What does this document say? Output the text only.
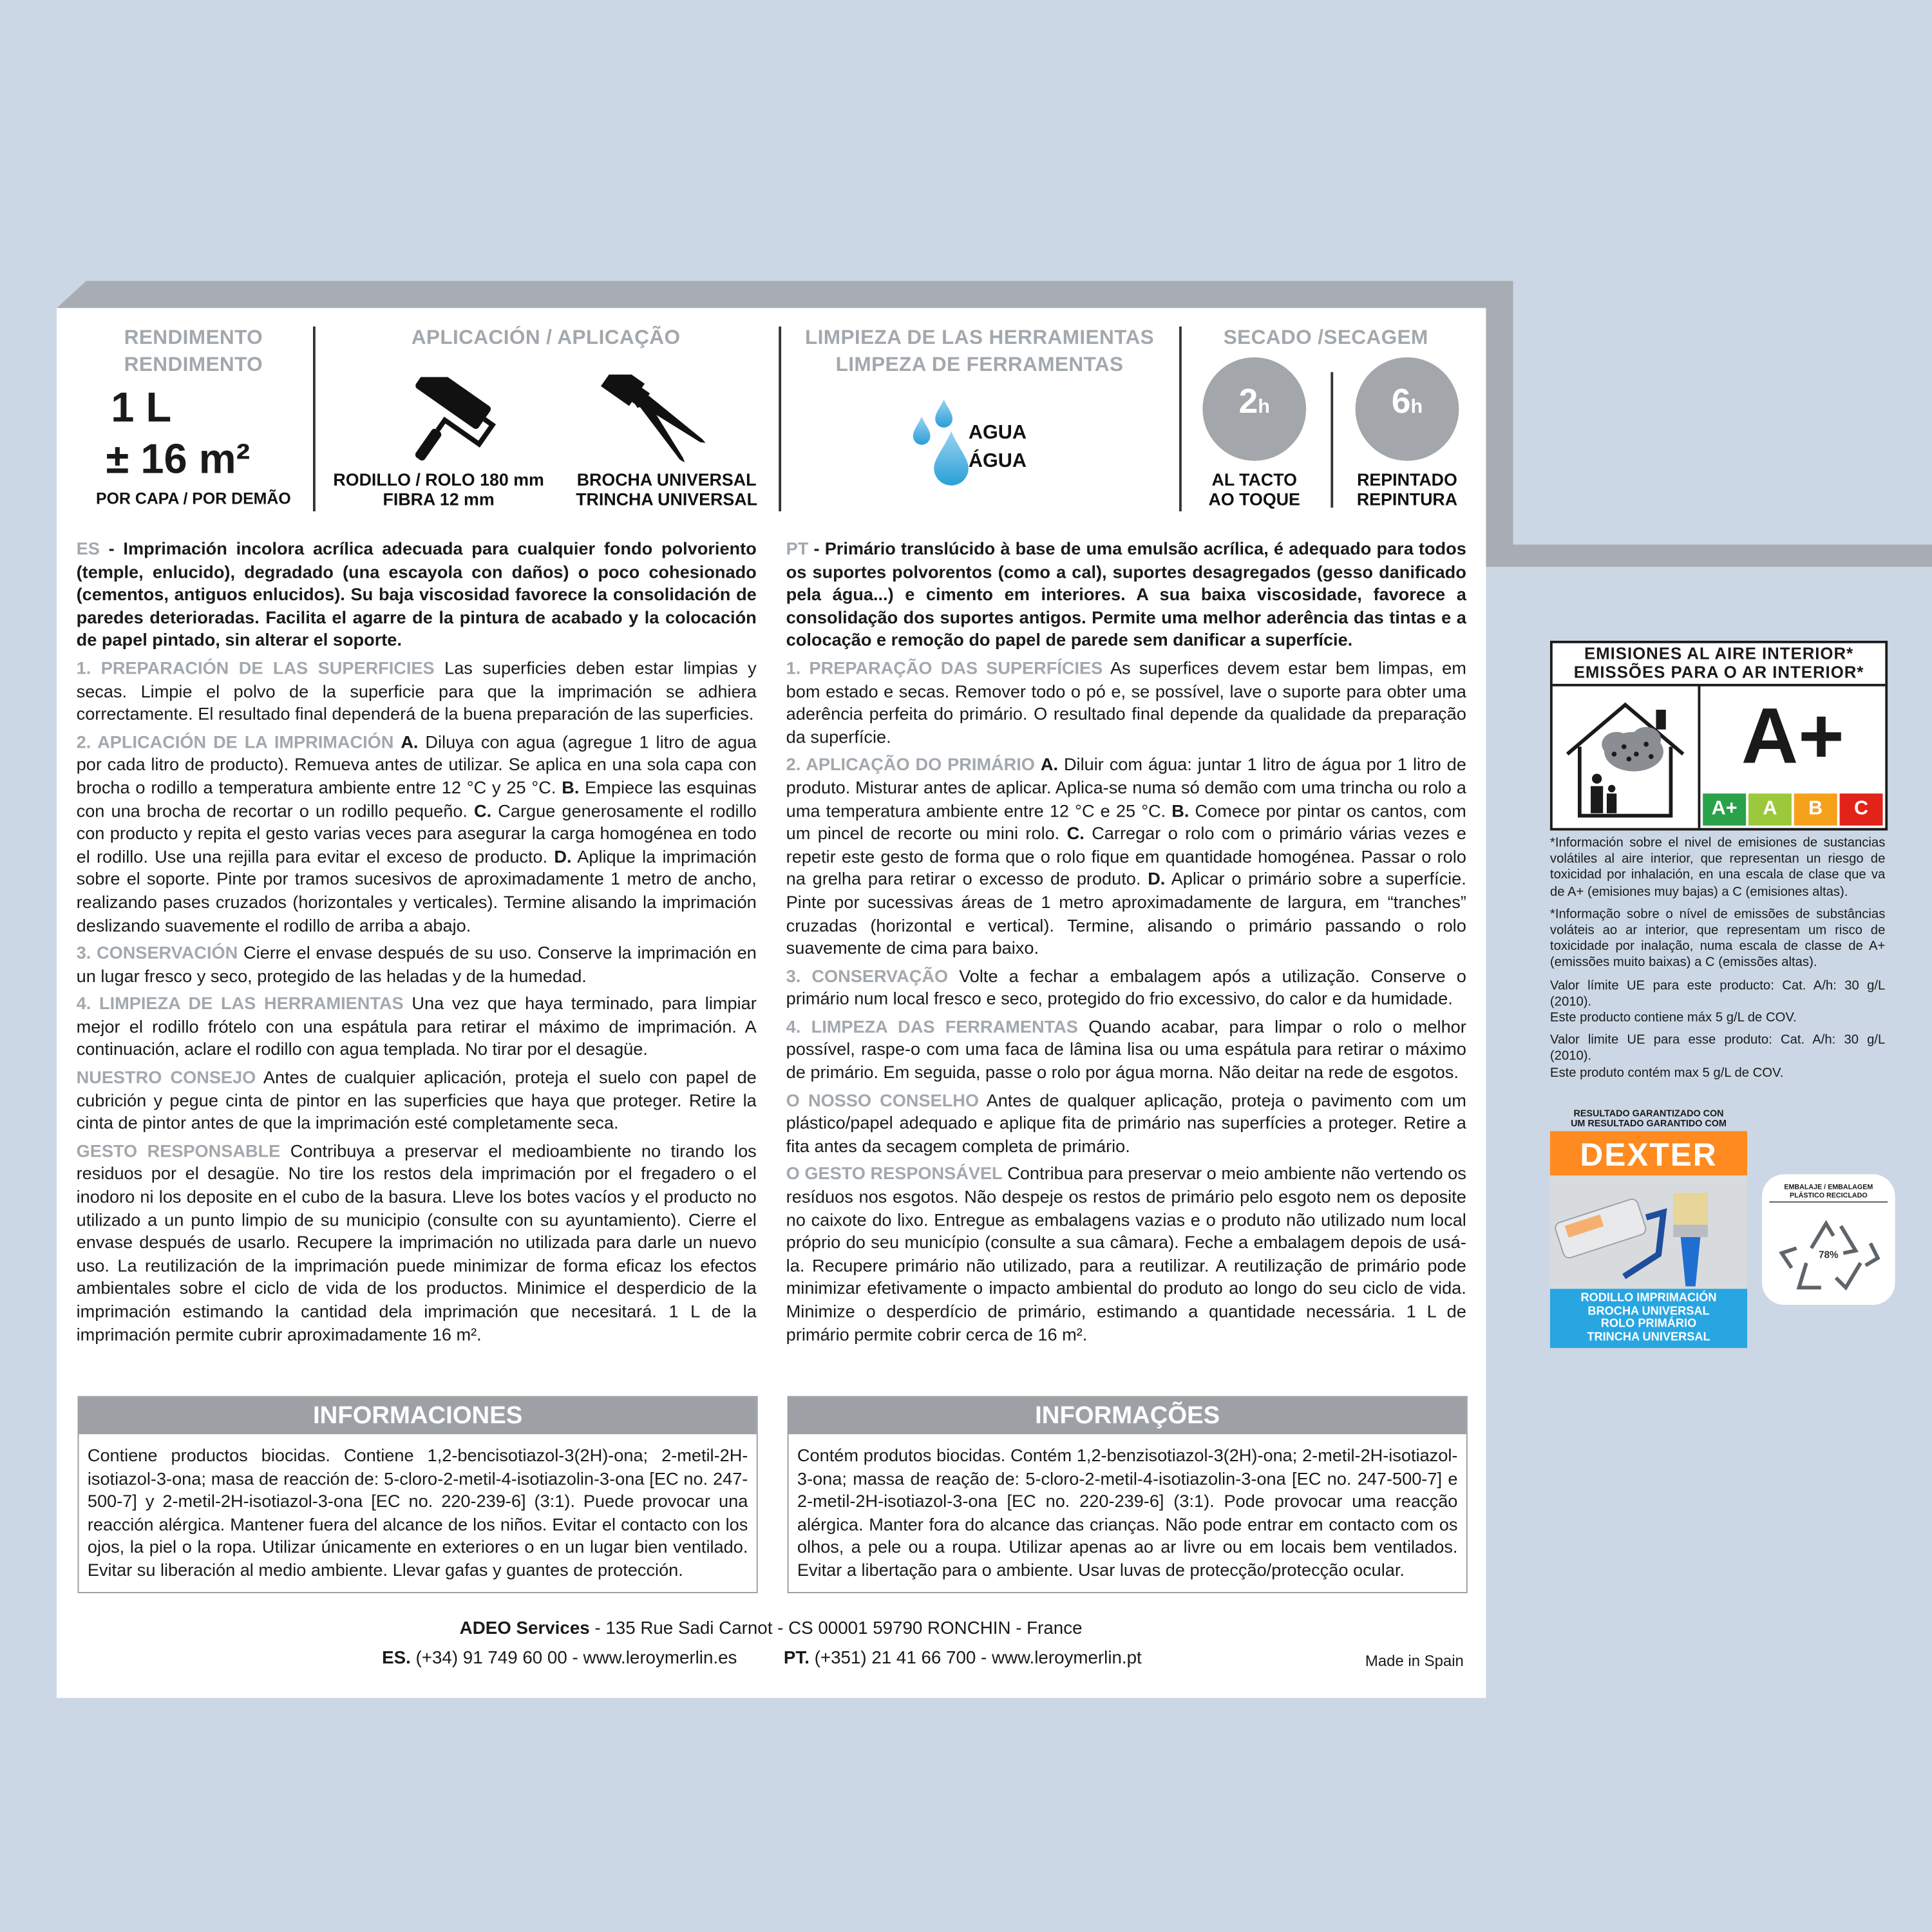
RENDIMENTO
RENDIMENTO
1 L
± 16 m²
POR CAPA / POR DEMÃO
APLICACIÓN / APLICAÇÃO
RODILLO / ROLO 180 mm
FIBRA 12 mm
BROCHA UNIVERSAL
TRINCHA UNIVERSAL
LIMPIEZA DE LAS HERRAMIENTAS
LIMPEZA DE FERRAMENTAS
AGUA
ÁGUA
SECADO /SECAGEM
2h	6h
AL TACTO
AO TOQUE
REPINTADO
REPINTURA

ES - Imprimación incolora acrílica adecuada para cualquier fondo polvoriento (temple, enlucido), degradado (una escayola con daños) o poco cohesionado (cementos, antiguos enlucidos). Su baja viscosidad favorece la consolidación de paredes deterioradas. Facilita el agarre de la pintura de acabado y la colocación de papel pintado, sin alterar el soporte.

1. PREPARACIÓN DE LAS SUPERFICIES Las superficies deben estar limpias y secas. Limpie el polvo de la superficie para que la imprimación se adhiera correctamente. El resultado final dependerá de la buena preparación de las superficies.

2. APLICACIÓN DE LA IMPRIMACIÓN A. Diluya con agua (agregue 1 litro de agua por cada litro de producto). Remueva antes de utilizar. Se aplica en una sola capa con brocha o rodillo a temperatura ambiente entre 12 °C y 25 °C. B. Empiece las esquinas con una brocha de recortar o un rodillo pequeño. C. Cargue generosamente el rodillo con producto y repita el gesto varias veces para asegurar la carga homogénea en todo el rodillo. Use una rejilla para evitar el exceso de producto. D. Aplique la imprimación sobre el soporte. Pinte por tramos sucesivos de aproximadamente 1 metro de ancho, realizando pases cruzados (horizontales y verticales). Termine alisando la imprimación deslizando suavemente el rodillo de arriba a abajo.

3. CONSERVACIÓN Cierre el envase después de su uso. Conserve la imprimación en un lugar fresco y seco, protegido de las heladas y de la humedad.

4. LIMPIEZA DE LAS HERRAMIENTAS Una vez que haya terminado, para limpiar mejor el rodillo frótelo con una espátula para retirar el máximo de imprimación. A continuación, aclare el rodillo con agua templada. No tirar por el desagüe.

NUESTRO CONSEJO Antes de cualquier aplicación, proteja el suelo con papel de cubrición y pegue cinta de pintor en las superficies que haya que proteger. Retire la cinta de pintor antes de que la imprimación esté completamente seca.

GESTO RESPONSABLE Contribuya a preservar el medioambiente no tirando los residuos por el desagüe. No tire los restos dela imprimación por el fregadero o el inodoro ni los deposite en el cubo de la basura. Lleve los botes vacíos y el producto no utilizado a un punto limpio de su municipio (consulte con su ayuntamiento). Cierre el envase después de usarlo. Recupere la imprimación no utilizada para darle un nuevo uso. La reutilización de la imprimación puede minimizar de forma eficaz los efectos ambientales sobre el ciclo de vida de los productos. Minimice el desperdicio de la imprimación estimando la cantidad dela imprimación que necesitará. 1 L de la imprimación permite cubrir aproximadamente 16 m².

PT - Primário translúcido à base de uma emulsão acrílica, é adequado para todos os suportes polvorentos (como a cal), suportes desagregados (gesso danificado pela água...) e cimento em interiores. A sua baixa viscosidade, favorece a consolidação dos suportes antigos. Permite uma melhor aderência das tintas e a colocação e remoção do papel de parede sem danificar a superfície.

1. PREPARAÇÃO DAS SUPERFÍCIES As superfices devem estar bem limpas, em bom estado e secas. Remover todo o pó e, se possível, lave o suporte para obter uma aderência perfeita do primário. O resultado final depende da qualidade da preparação da superfície.

2. APLICAÇÃO DO PRIMÁRIO A. Diluir com água: juntar 1 litro de água por 1 litro de produto. Misturar antes de aplicar. Aplica-se numa só demão com uma trincha ou rolo a uma temperatura ambiente entre 12 °C e 25 °C. B. Comece por pintar os cantos, com um pincel de recorte ou mini rolo. C. Carregar o rolo com o primário várias vezes e repetir este gesto de forma que o rolo fique em quantidade homogénea. Passar o rolo na grelha para retirar o excesso de produto. D. Aplicar o primário sobre a superfície. Pinte por sucessivas áreas de 1 metro aproximadamente de largura, em “tranches” cruzadas (horizontal e vertical). Termine, alisando o primário passando o rolo suavemente de cima para baixo.

3. CONSERVAÇÃO Volte a fechar a embalagem após a utilização. Conserve o primário num local fresco e seco, protegido do frio excessivo, do calor e da humidade.

4. LIMPEZA DAS FERRAMENTAS Quando acabar, para limpar o rolo o melhor possível, raspe-o com uma faca de lâmina lisa ou uma espátula para retirar o máximo de primário. Em seguida, passe o rolo por água morna. Não deitar na rede de esgotos.

O NOSSO CONSELHO Antes de qualquer aplicação, proteja o pavimento com um plástico/papel adequado e aplique fita de primário nas superfícies a proteger. Retire a fita antes da secagem completa de primário.

O GESTO RESPONSÁVEL Contribua para preservar o meio ambiente não vertendo os resíduos nos esgotos. Não despeje os restos de primário pelo esgoto nem os deposite no caixote do lixo. Entregue as embalagens vazias e o produto não utilizado num local próprio do seu município (consulte a sua câmara). Feche a embalagem depois de usá-la. Recupere primário não utilizado, para a reutilizar. A reutilização de primário pode minimizar efetivamente o impacto ambiental do produto ao longo do seu ciclo de vida. Minimize o desperdício de primário, estimando a quantidade necessária. 1 L de primário permite cobrir cerca de 16 m².

INFORMACIONES
Contiene productos biocidas. Contiene 1,2-bencisotiazol-3(2H)-ona; 2-metil-2H-isotiazol-3-ona; masa de reacción de: 5-cloro-2-metil-4-isotiazolin-3-ona [EC no. 247-500-7] y 2-metil-2H-isotiazol-3-ona [EC no. 220-239-6] (3:1). Puede provocar una reacción alérgica. Mantener fuera del alcance de los niños. Evitar el contacto con los ojos, la piel o la ropa. Utilizar únicamente en exteriores o en un lugar bien ventilado. Evitar su liberación al medio ambiente. Llevar gafas y guantes de protección.
INFORMAÇÕES
Contém produtos biocidas. Contém 1,2-benzisotiazol-3(2H)-ona; 2-metil-2H-isotiazol-3-ona; massa de reação de: 5-cloro-2-metil-4-isotiazolin-3-ona [EC no. 247-500-7] e 2-metil-2H-isotiazol-3-ona [EC no. 220-239-6] (3:1). Pode provocar uma reacção alérgica. Manter fora do alcance das crianças. Não pode entrar em contacto com os olhos, a pele ou a roupa. Utilizar apenas ao ar livre ou em locais bem ventilados. Evitar a libertação para o ambiente. Usar luvas de protecção/protecção ocular.
ADEO Services - 135 Rue Sadi Carnot - CS 00001 59790 RONCHIN - France
ES. (+34) 91 749 60 00 - www.leroymerlin.es	PT. (+351) 21 41 66 700 - www.leroymerlin.pt	Made in Spain
EMISIONES AL AIRE INTERIOR*
EMISSÕES PARA O AR INTERIOR*
A+
A+	A	B	C

*Información sobre el nivel de emisiones de sustancias volátiles al aire interior, que representan un riesgo de toxicidad por inhalación, en una escala de clase que va de A+ (emisiones muy bajas) a C (emisiones altas).

*Informação sobre o nível de emissões de substâncias voláteis ao ar interior, que representam um risco de toxicidade por inalação, numa escala de classe de A+ (emissões muito baixas) a C (emissões altas).

Valor límite UE para este producto: Cat. A/h: 30 g/L (2010).
Este producto contiene máx 5 g/L de COV.

Valor limite UE para esse produto: Cat. A/h: 30 g/L (2010).
Este produto contém max 5 g/L de COV.

RESULTADO GARANTIZADO CON
UM RESULTADO GARANTIDO COM
DEXTER
RODILLO IMPRIMACIÓN
BROCHA UNIVERSAL
ROLO PRIMÁRIO
TRINCHA UNIVERSAL
EMBALAJE / EMBALAGEM
PLÁSTICO RECICLADO
78%
